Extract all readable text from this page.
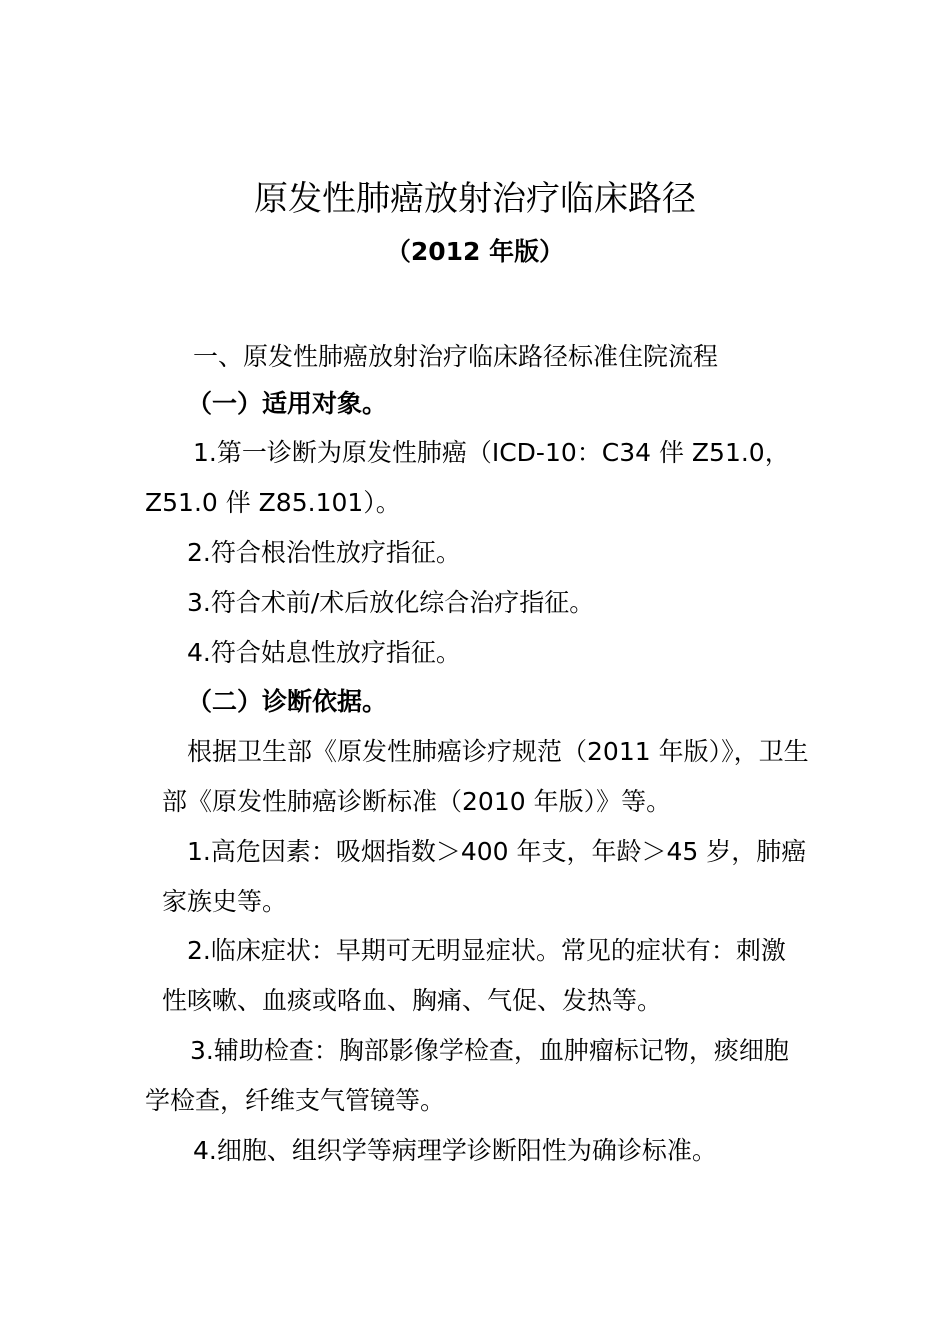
原发性肺癌放射治疗临床路径
（2012 年版）
一、原发性肺癌放射治疗临床路径标准住院流程
（一）适用对象。
1.第一诊断为原发性肺癌（ICD-10：C34 伴 Z51.0，
Z51.0 伴 Z85.101）。
2.符合根治性放疗指征。
3.符合术前/术后放化综合治疗指征。
4.符合姑息性放疗指征。
（二）诊断依据。
根据卫生部《原发性肺癌诊疗规范（2011 年版）》，卫生
部《原发性肺癌诊断标准（2010 年版）》等。
1.高危因素：吸烟指数＞400 年支，年龄＞45 岁，肺癌
家族史等。
2.临床症状：早期可无明显症状。常见的症状有：刺激
性咳嗽、血痰或咯血、胸痛、气促、发热等。
3.辅助检查：胸部影像学检查，血肿瘤标记物，痰细胞
学检查，纤维支气管镜等。
4.细胞、组织学等病理学诊断阳性为确诊标准。
